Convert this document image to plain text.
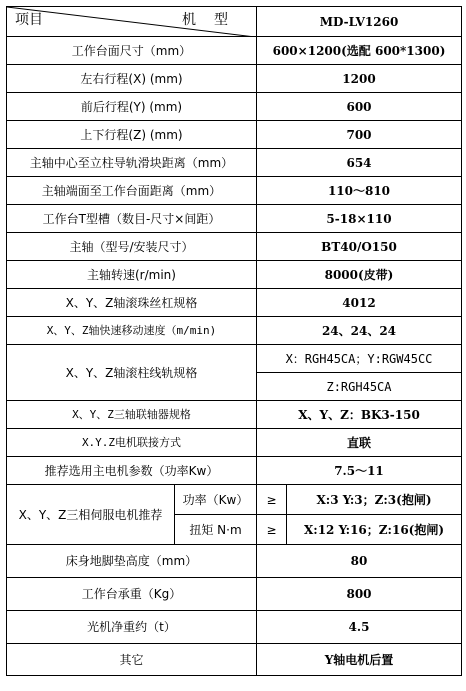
项目 机型		MD-LV1260	
工作台面尺寸（mm）		600×1200(选配 600*1300)	
左右行程(X) (mm)		1200	
前后行程(Y) (mm)		600	
上下行程(Z) (mm)		700	
主轴中心至立柱导轨滑块距离（mm）		654	
主轴端面至工作台面距离（mm）		110～810	
工作台T型槽（数目-尺寸×间距）		5-18×110	
主轴（型号/安装尺寸）		BT40/O150	
主轴转速(r/min)		8000(皮带)	
X、Y、Z轴滚珠丝杠规格		4012	
X、Y、Z轴快速移动速度（m/min)		24、24、24	
X、Y、Z轴滚柱线轨规格		X：RGH45CA；Y:RGW45CC	
		Z:RGH45CA	
X、Y、Z三轴联轴器规格		X、Y、Z：BK3-150	
X.Y.Z电机联接方式		直联	
推荐选用主电机参数（功率Kw）		7.5～11	
X、Y、Z三相伺服电机推荐	功率（Kw）	≥	X:3 Y:3；Z:3(抱闸)
	扭矩 N·m	≥	X:12 Y:16；Z:16(抱闸)
床身地脚垫高度（mm）		80	
工作台承重（Kg）		800	
光机净重约（t）		4.5	
其它		Y轴电机后置	
